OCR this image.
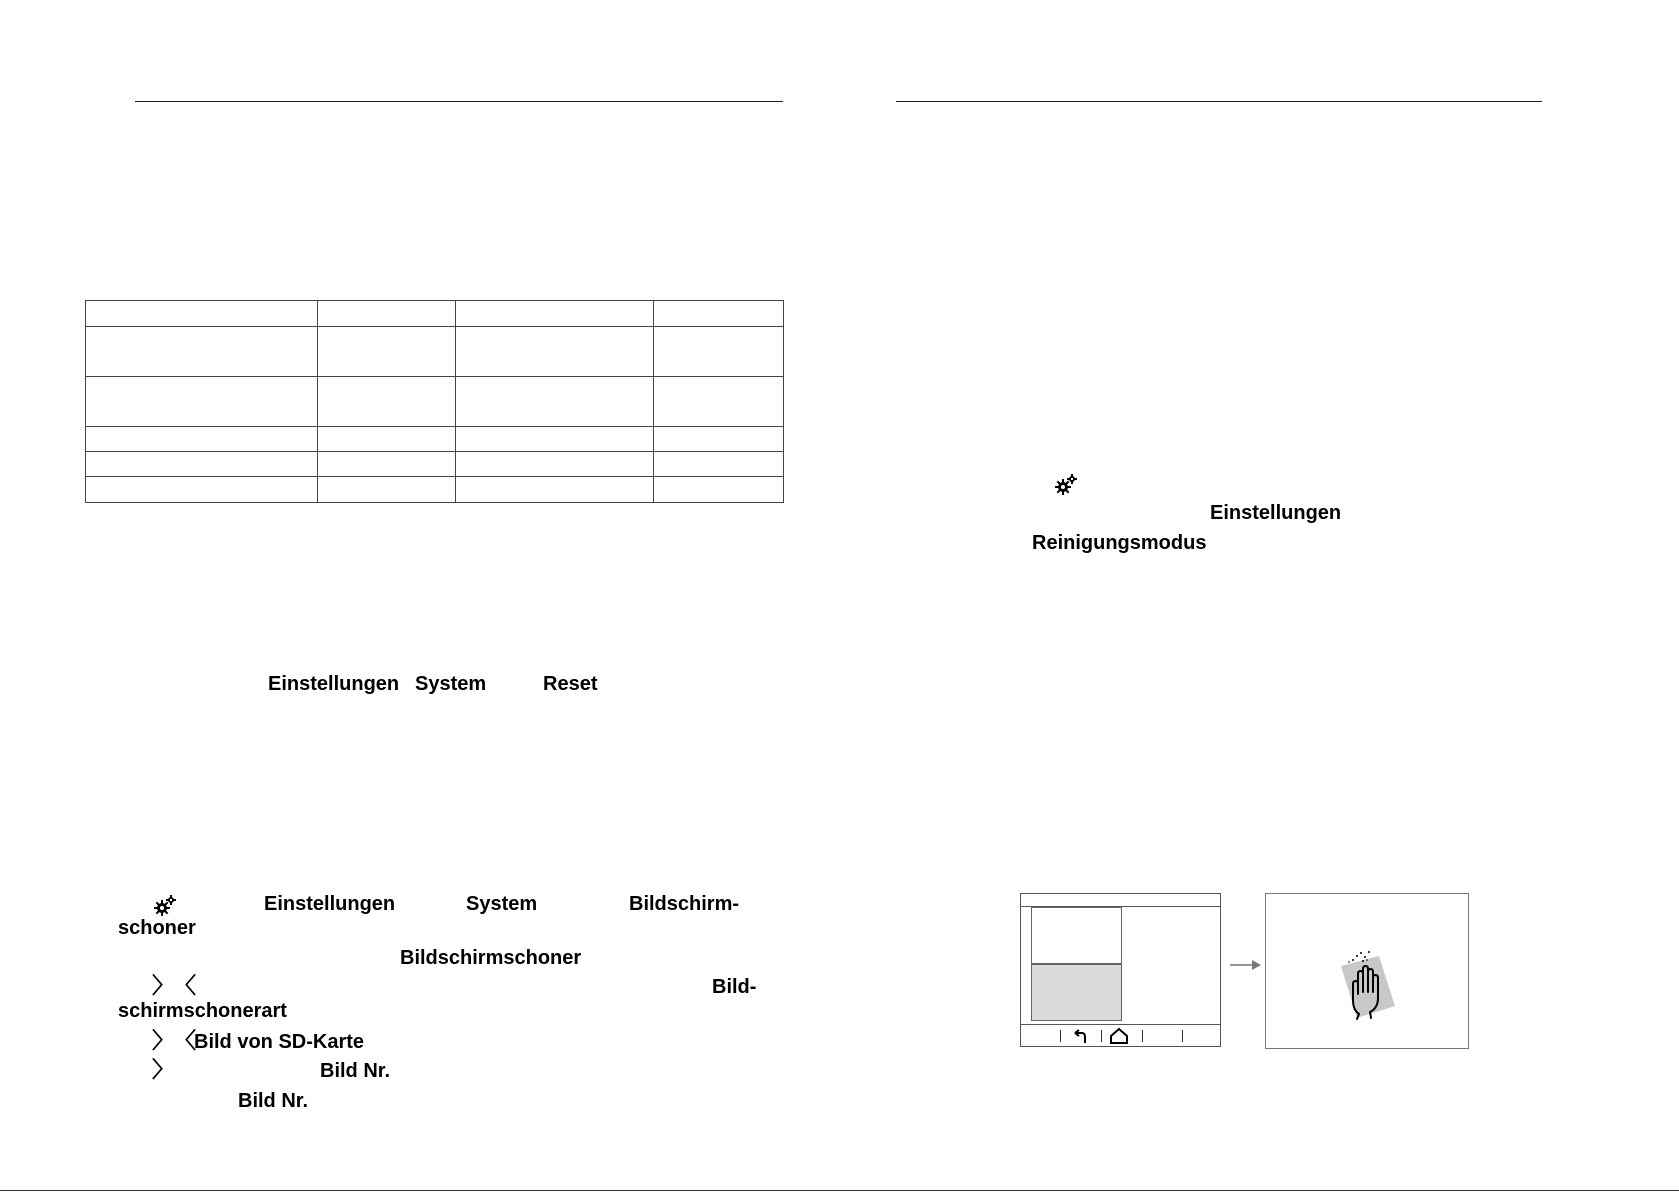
Einstellungen System	Reset
Einstellungen	System	Bildschirm-
schoner
Bildschirmschoner
〉 〈	Bild-
schirmschonerart
〉 〈
Bild von SD-Karte
〉	Bild Nr.
Bild Nr.
Einstellungen
Reinigungsmodus
